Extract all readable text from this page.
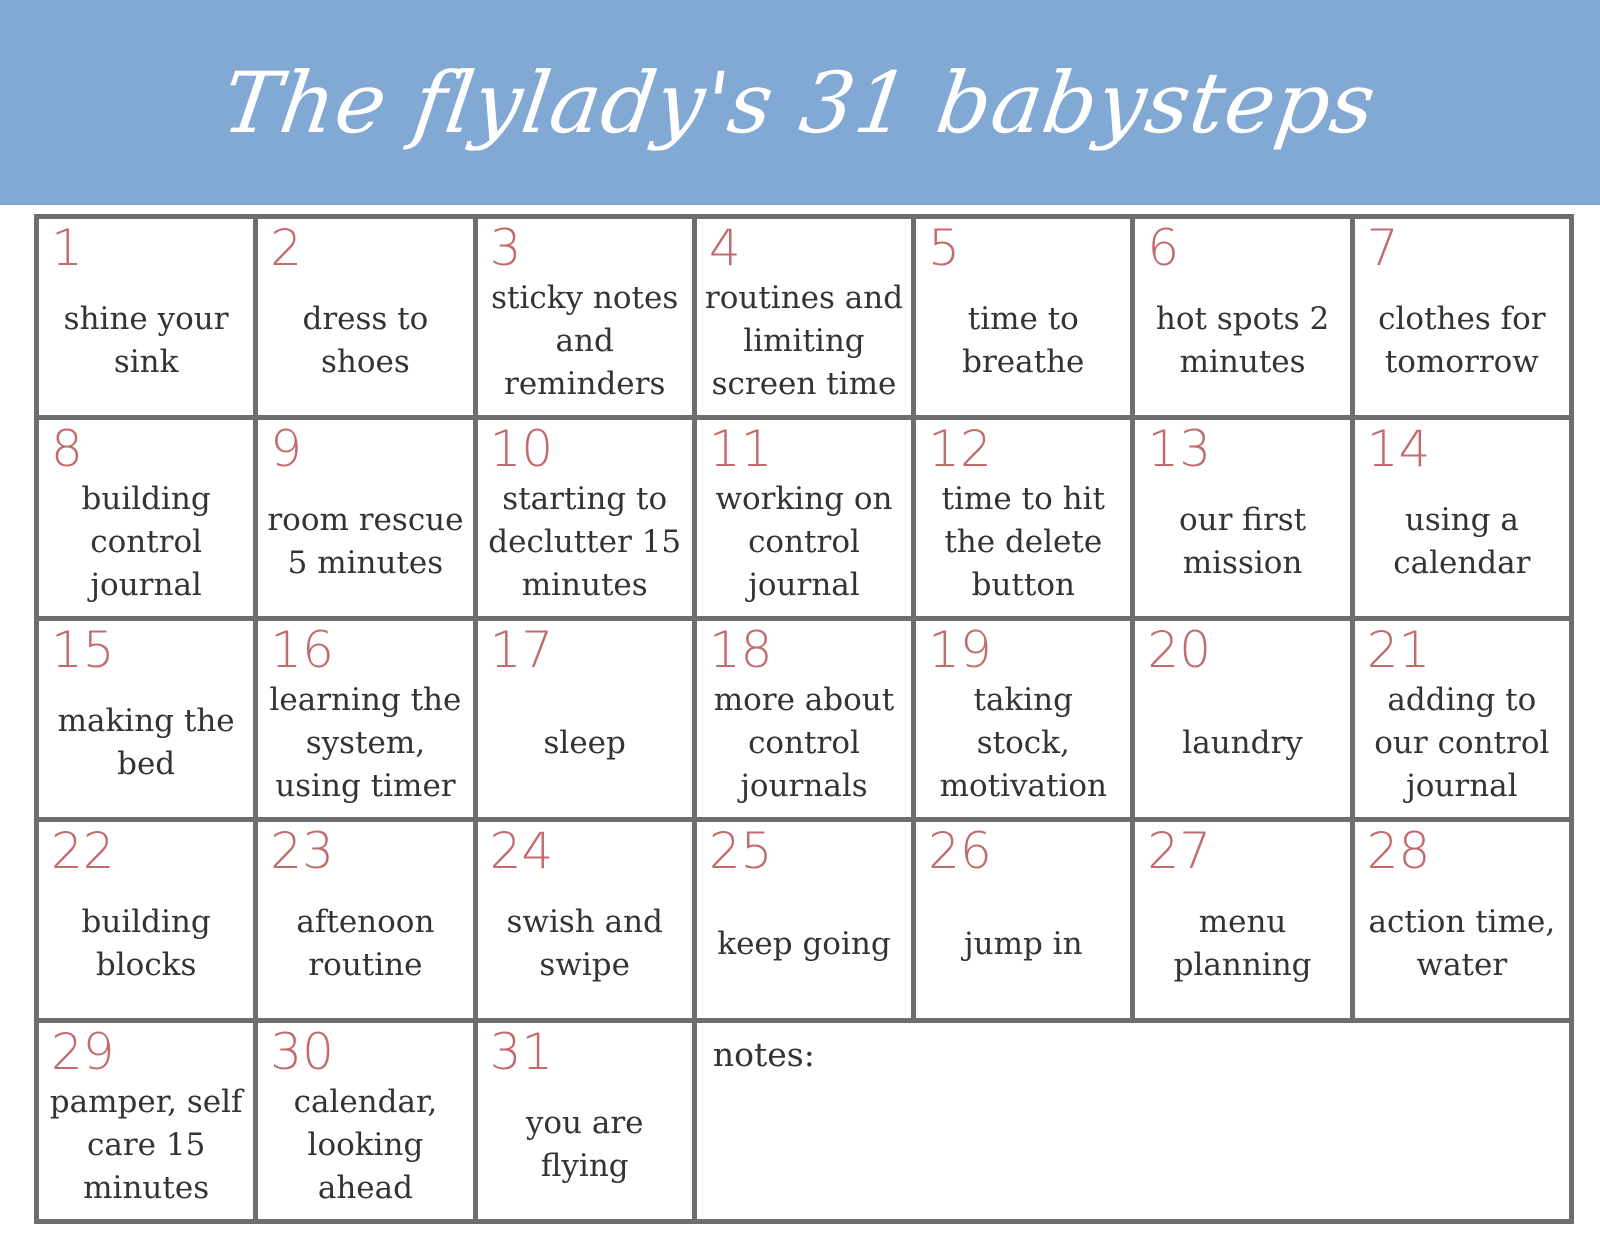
The flylady's 31 babysteps
1
shine your sink
2
dress to shoes
3
sticky notes and reminders
4
routines and limiting screen time
5
time to breathe
6
hot spots 2 minutes
7
clothes for tomorrow
8
building control journal
9
room rescue 5 minutes
10
starting to declutter 15 minutes
11
working on control journal
12
time to hit the delete button
13
our first mission
14
using a calendar
15
making the bed
16
learning the system, using timer
17
sleep
18
more about control journals
19
taking stock, motivation
20
laundry
21
adding to our control journal
22
building blocks
23
aftenoon routine
24
swish and swipe
25
keep going
26
jump in
27
menu planning
28
action time, water
29
pamper, self care 15 minutes
30
calendar, looking ahead
31
you are flying
notes:
